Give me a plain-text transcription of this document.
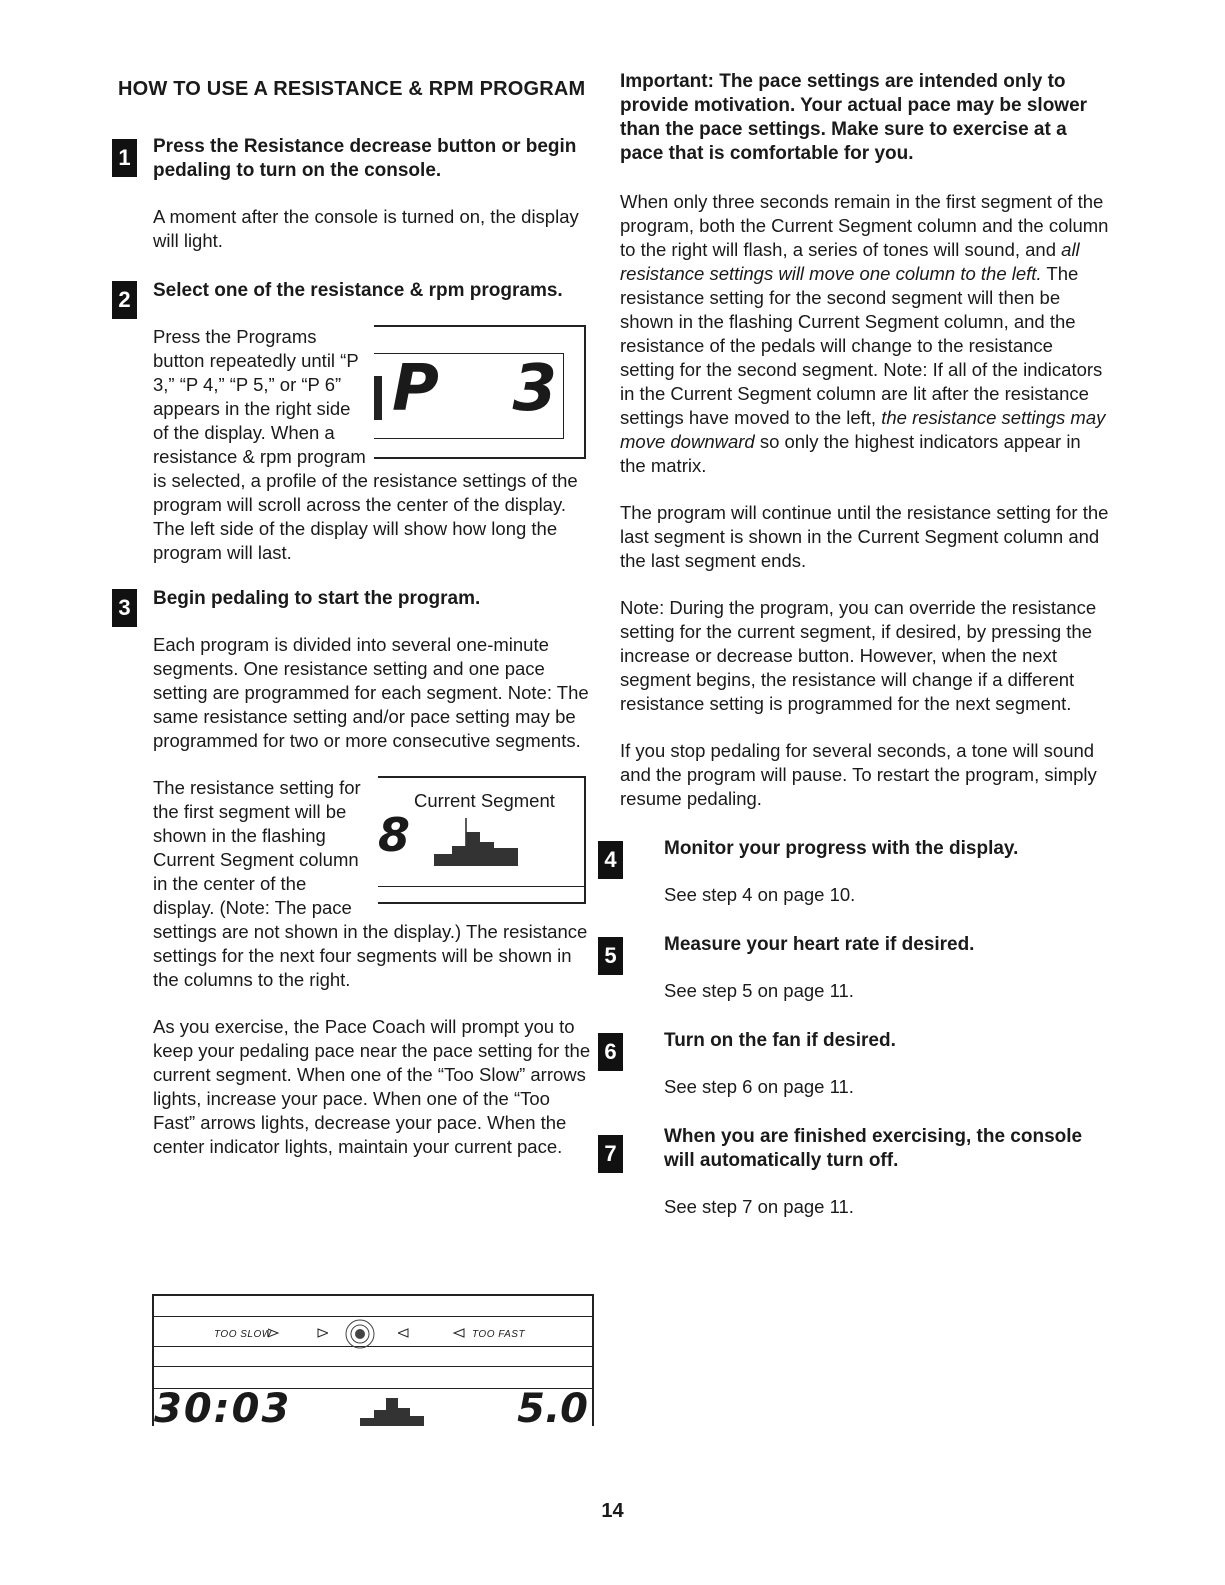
HOW TO USE A RESISTANCE & RPM PROGRAM
1	Press the Resistance decrease button or begin pedaling to turn on the console.

A moment after the console is turned on, the display will light.

2	Select one of the resistance & rpm programs.

Press the Programs button repeatedly until “P 3,” “P 4,” “P 5,” or “P 6” appears in the right side of the display. When a resistance & rpm program is selected, a profile of the resistance settings of the program will scroll across the center of the display. The left side of the display will show how long the program will last.

P 3
3	Begin pedaling to start the program.

Each program is divided into several one-minute segments. One resistance setting and one pace setting are programmed for each segment. Note: The same resistance setting and/or pace setting may be programmed for two or more consecutive segments.

The resistance setting for the first segment will be shown in the flashing Current Segment column in the center of the display. (Note: The pace settings are not shown in the display.) The resistance settings for the next four segments will be shown in the columns to the right.

Current Segment
8

As you exercise, the Pace Coach will prompt you to keep your pedaling pace near the pace setting for the current segment. When one of the “Too Slow” arrows lights, increase your pace. When one of the “Too Fast” arrows lights, decrease your pace. When the center indicator lights, maintain your current pace.

TOO SLOW	TOO FAST
30:03	5.0
Important: The pace settings are intended only to provide motivation. Your actual pace may be slower than the pace settings. Make sure to exercise at a pace that is comfortable for you.

When only three seconds remain in the first segment of the program, both the Current Segment column and the column to the right will flash, a series of tones will sound, and all resistance settings will move one column to the left. The resistance setting for the second segment will then be shown in the flashing Current Segment column, and the resistance of the pedals will change to the resistance setting for the second segment. Note: If all of the indicators in the Current Segment column are lit after the resistance settings have moved to the left, the resistance settings may move downward so only the highest indicators appear in the matrix.

The program will continue until the resistance setting for the last segment is shown in the Current Segment column and the last segment ends.

Note: During the program, you can override the resistance setting for the current segment, if desired, by pressing the increase or decrease button. However, when the next segment begins, the resistance will change if a different resistance setting is programmed for the next segment.

If you stop pedaling for several seconds, a tone will sound and the program will pause. To restart the program, simply resume pedaling.

4	Monitor your progress with the display.

See step 4 on page 10.

5	Measure your heart rate if desired.

See step 5 on page 11.

6	Turn on the fan if desired.

See step 6 on page 11.

7
When you are finished exercising, the console will automatically turn off.

See step 7 on page 11.

14
